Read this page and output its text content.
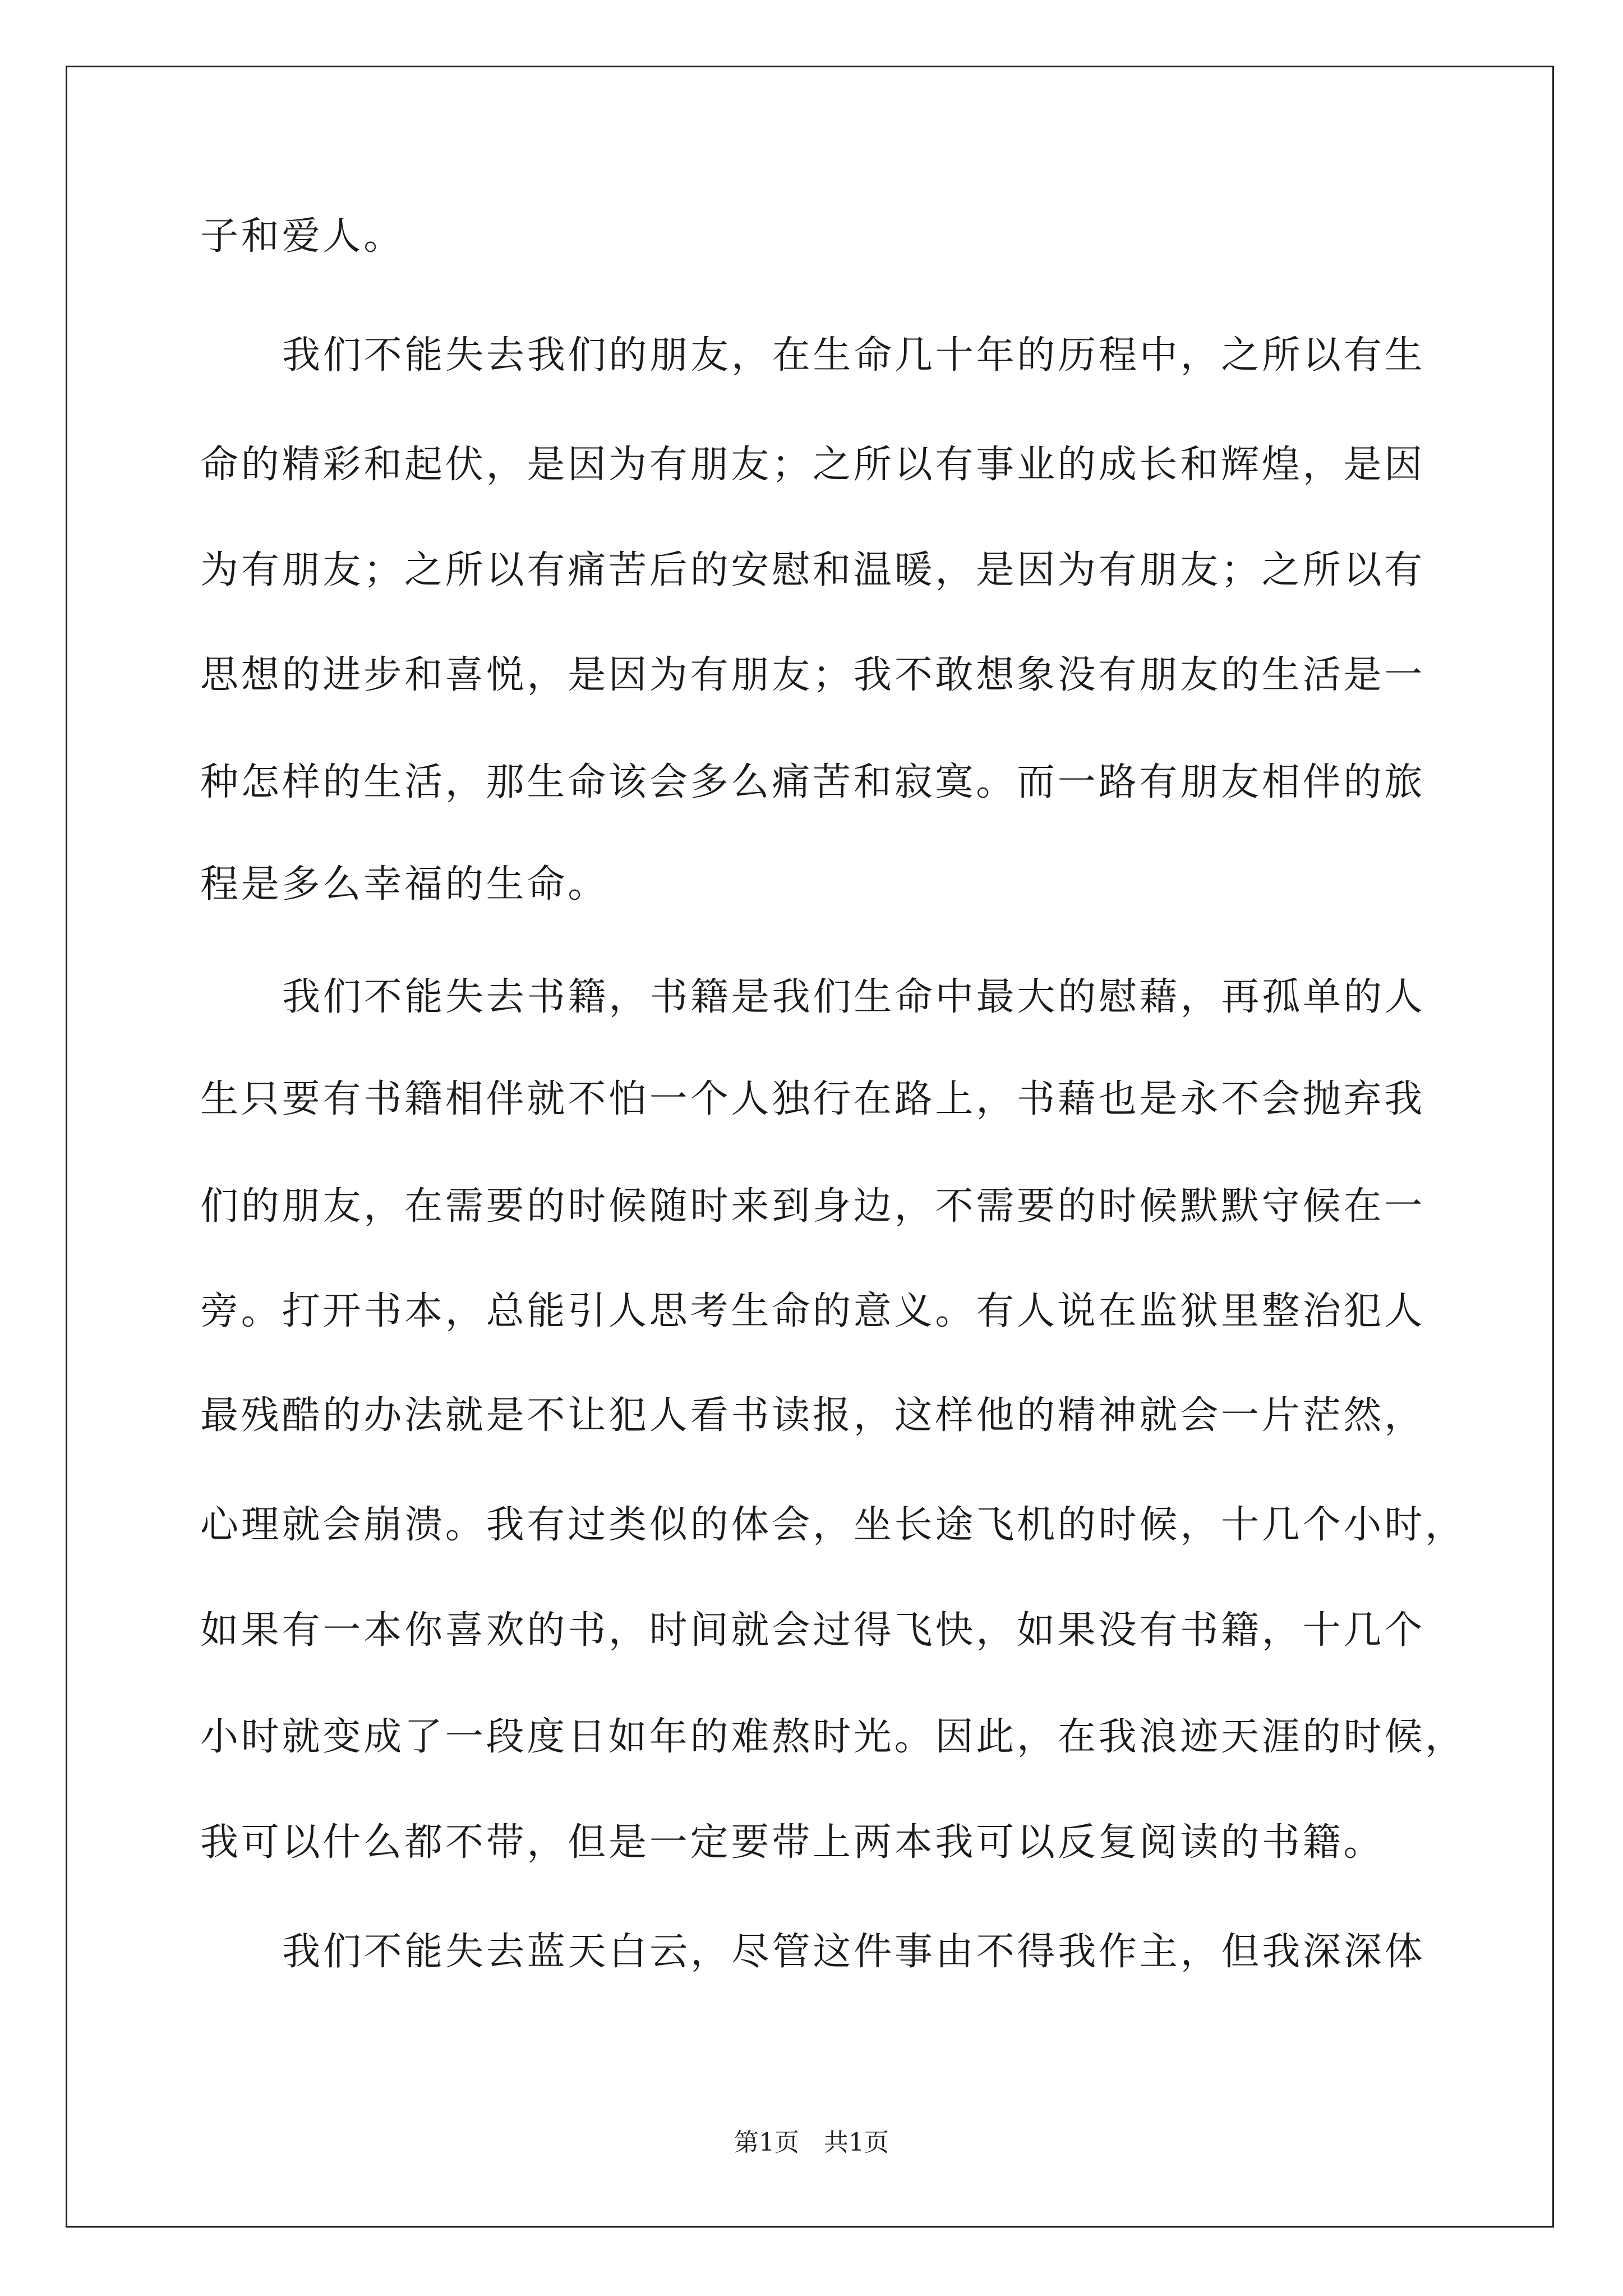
子和爱人。
我们不能失去我们的朋友，在生命几十年的历程中，之所以有生
命的精彩和起伏，是因为有朋友；之所以有事业的成长和辉煌，是因
为有朋友；之所以有痛苦后的安慰和温暖，是因为有朋友；之所以有
思想的进步和喜悦，是因为有朋友；我不敢想象没有朋友的生活是一
种怎样的生活，那生命该会多么痛苦和寂寞。而一路有朋友相伴的旅
程是多么幸福的生命。
我们不能失去书籍，书籍是我们生命中最大的慰藉，再孤单的人
生只要有书籍相伴就不怕一个人独行在路上，书藉也是永不会抛弃我
们的朋友，在需要的时候随时来到身边，不需要的时候默默守候在一
旁。打开书本，总能引人思考生命的意义。有人说在监狱里整治犯人
最残酷的办法就是不让犯人看书读报，这样他的精神就会一片茫然，
心理就会崩溃。我有过类似的体会，坐长途飞机的时候，十几个小时，
如果有一本你喜欢的书，时间就会过得飞快，如果没有书籍，十几个
小时就变成了一段度日如年的难熬时光。因此，在我浪迹天涯的时候，
我可以什么都不带，但是一定要带上两本我可以反复阅读的书籍。
我们不能失去蓝天白云，尽管这件事由不得我作主，但我深深体
第1页　共1页
